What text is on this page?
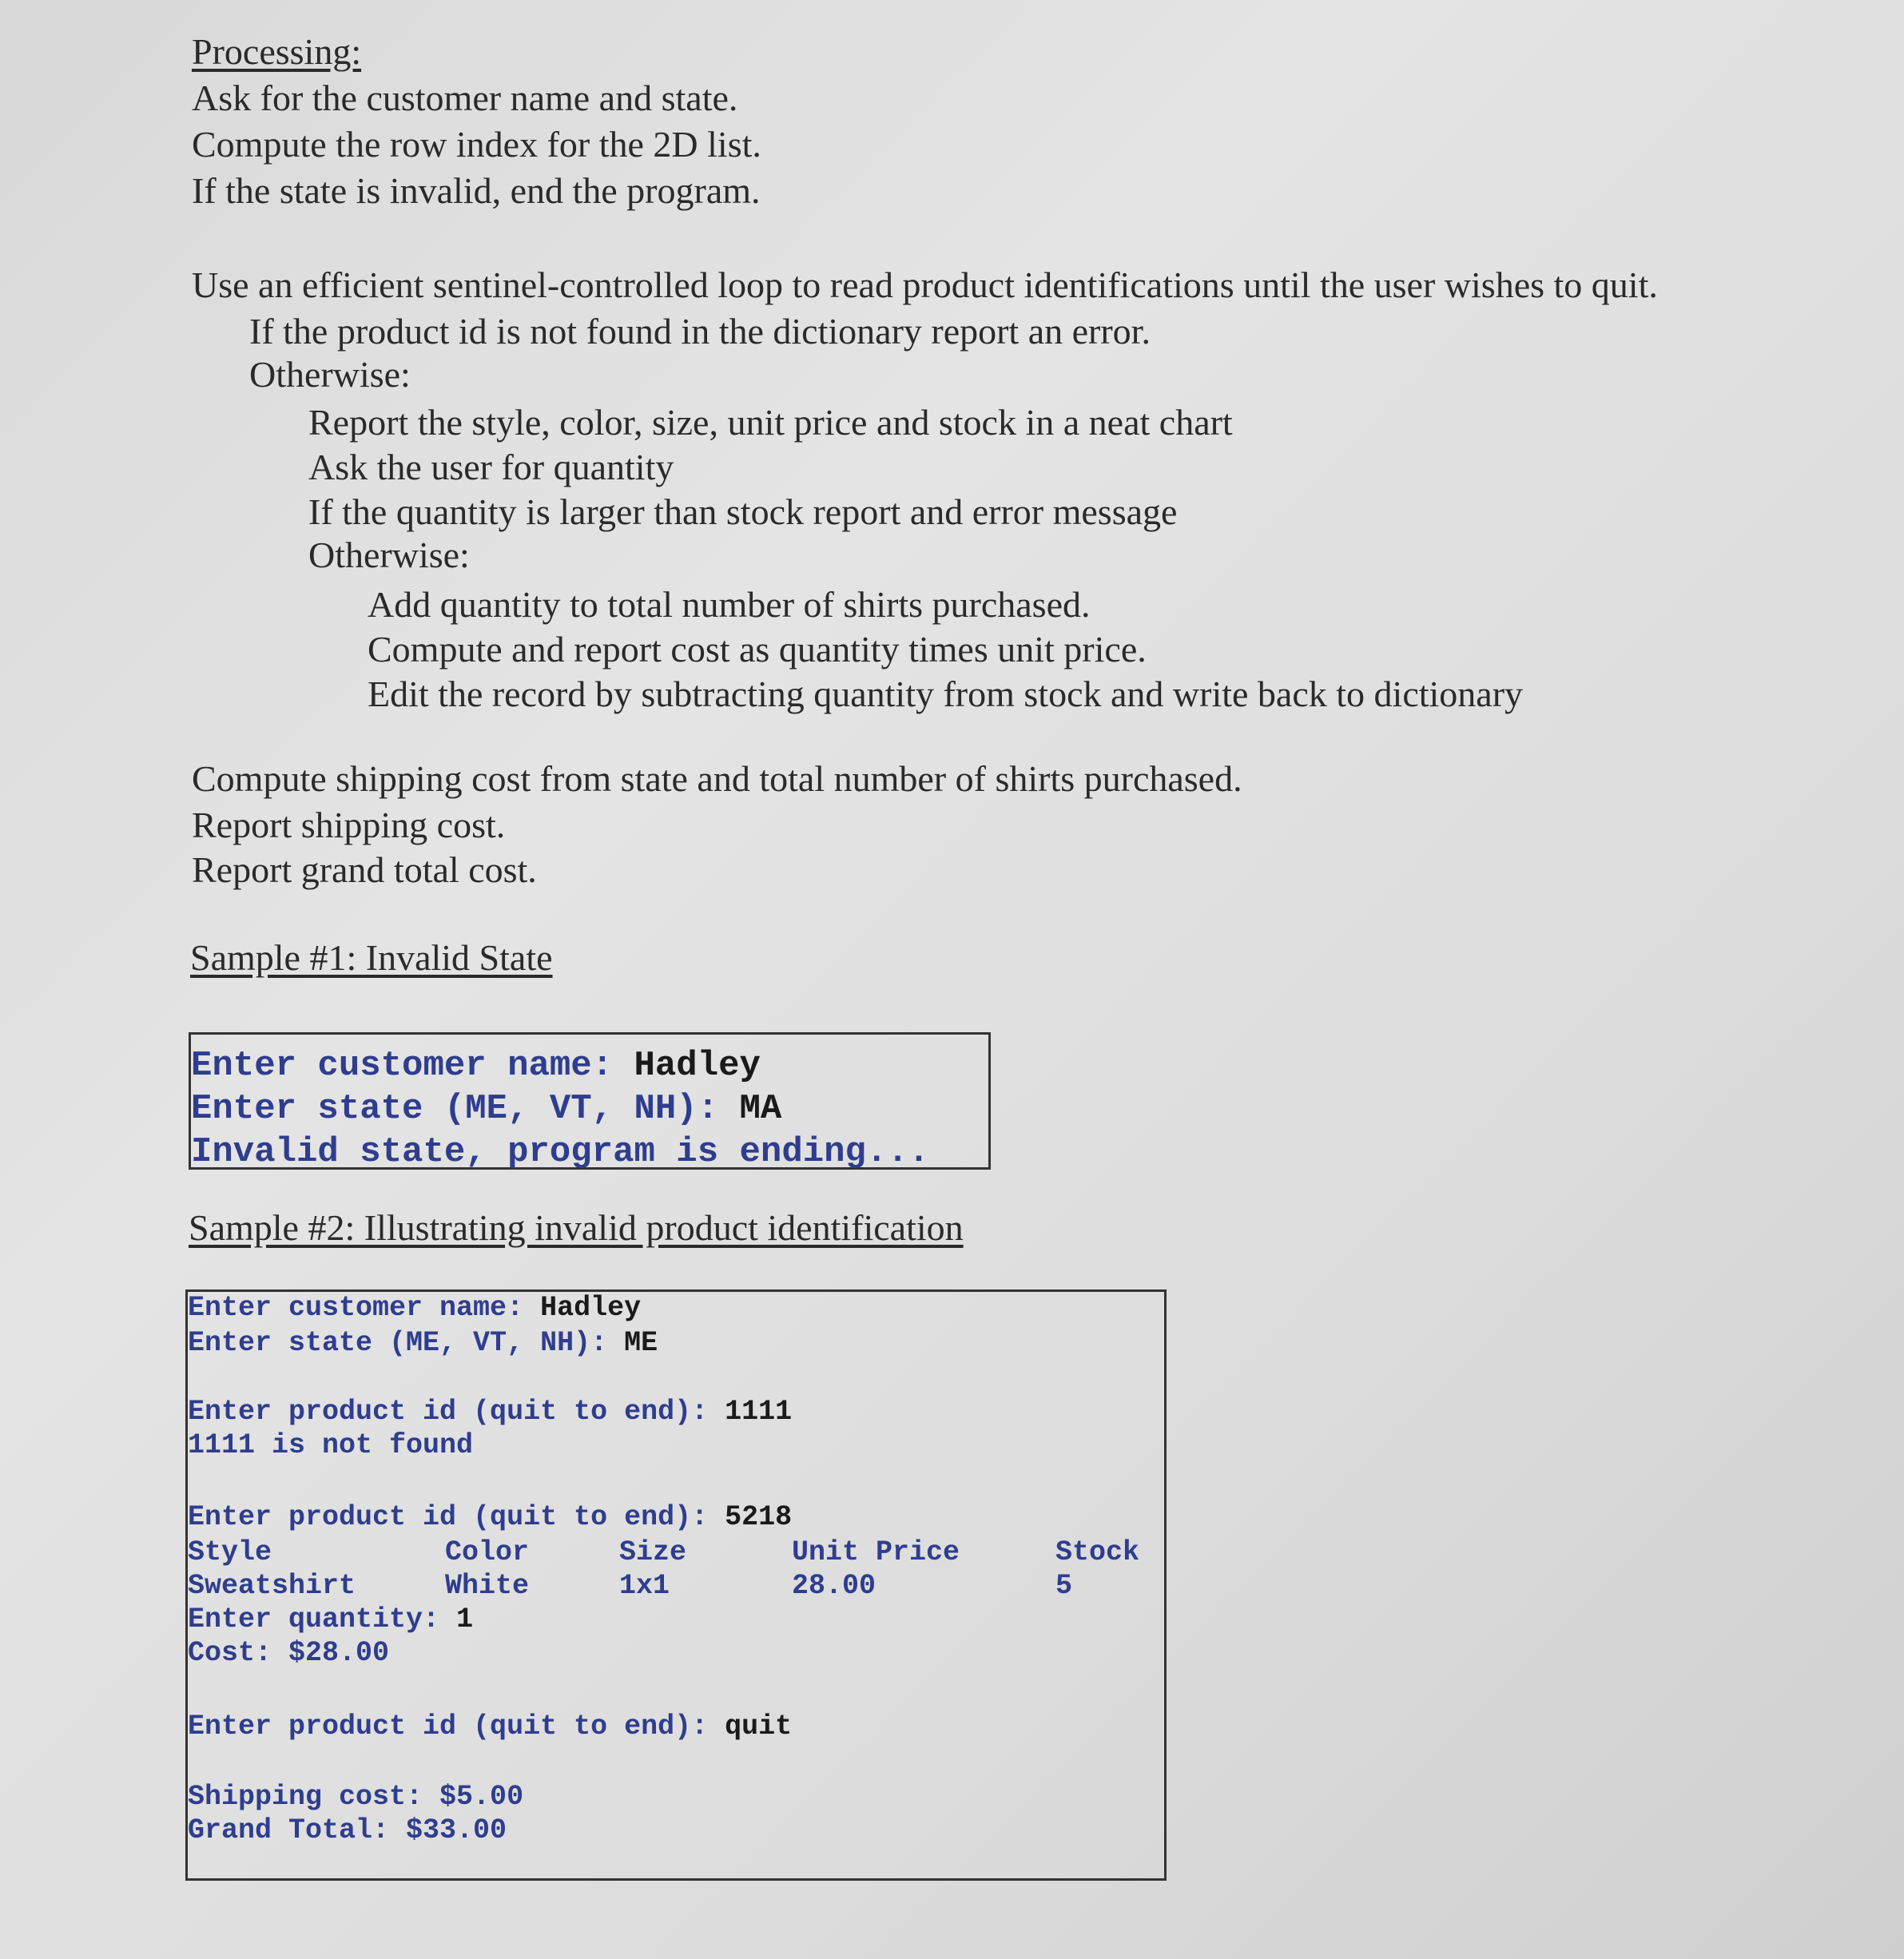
Processing:

Ask for the customer name and state.

Compute the row index for the 2D list.

If the state is invalid, end the program.

Use an efficient sentinel-controlled loop to read product identifications until the user wishes to quit.

If the product id is not found in the dictionary report an error.

Otherwise:

Report the style, color, size, unit price and stock in a neat chart

Ask the user for quantity

If the quantity is larger than stock report and error message

Otherwise:

Add quantity to total number of shirts purchased.

Compute and report cost as quantity times unit price.

Edit the record by subtracting quantity from stock and write back to dictionary

Compute shipping cost from state and total number of shirts purchased.

Report shipping cost.

Report grand total cost.

Sample #1: Invalid State

Enter customer name: Hadley

Enter state (ME, VT, NH): MA

Invalid state, program is ending...

Sample #2: Illustrating invalid product identification

Enter customer name: Hadley

Enter state (ME, VT, NH): ME

Enter product id (quit to end): 1111

1111 is not found

Enter product id (quit to end): 5218

Style	Color	Size	Unit Price	Stock

Sweatshirt	White	1x1	28.00	5

Enter quantity: 1

Cost: $28.00

Enter product id (quit to end): quit

Shipping cost: $5.00

Grand Total: $33.00
